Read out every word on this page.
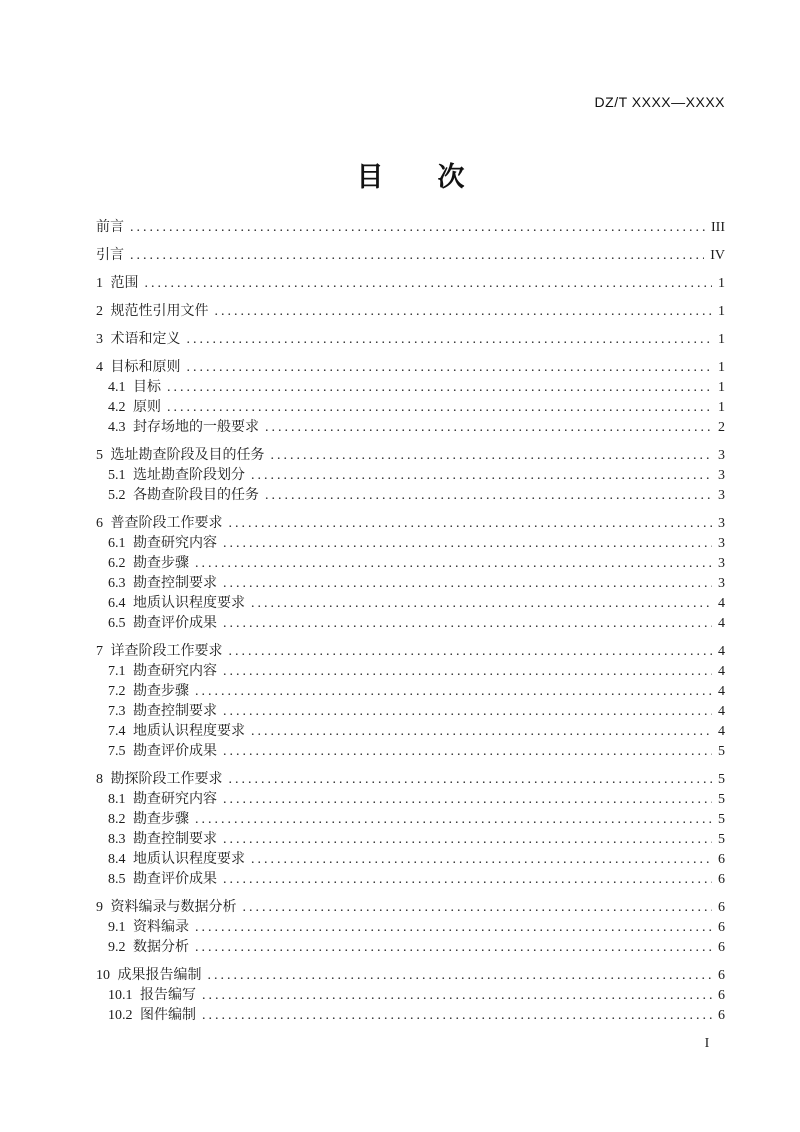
DZ/T XXXX—XXXX
目　　次
前言 .....	III
引言 .....	IV
1 范围 .....	1
2 规范性引用文件 .....	1
3 术语和定义 .....	1
4 目标和原则 .....	1
4.1 目标 .....	1
4.2 原则 .....	1
4.3 封存场地的一般要求 .....	2
5 选址勘查阶段及目的任务 .....	3
5.1 选址勘查阶段划分 .....	3
5.2 各勘查阶段目的任务 .....	3
6 普查阶段工作要求 .....	3
6.1 勘查研究内容 .....	3
6.2 勘查步骤 .....	3
6.3 勘查控制要求 .....	3
6.4 地质认识程度要求 .....	4
6.5 勘查评价成果 .....	4
7 详查阶段工作要求 .....	4
7.1 勘查研究内容 .....	4
7.2 勘查步骤 .....	4
7.3 勘查控制要求 .....	4
7.4 地质认识程度要求 .....	4
7.5 勘查评价成果 .....	5
8 勘探阶段工作要求 .....	5
8.1 勘查研究内容 .....	5
8.2 勘查步骤 .....	5
8.3 勘查控制要求 .....	5
8.4 地质认识程度要求 .....	6
8.5 勘查评价成果 .....	6
9 资料编录与数据分析 .....	6
9.1 资料编录 .....	6
9.2 数据分析 .....	6
10 成果报告编制 .....	6
10.1 报告编写 .....	6
10.2 图件编制 .....	6
I
